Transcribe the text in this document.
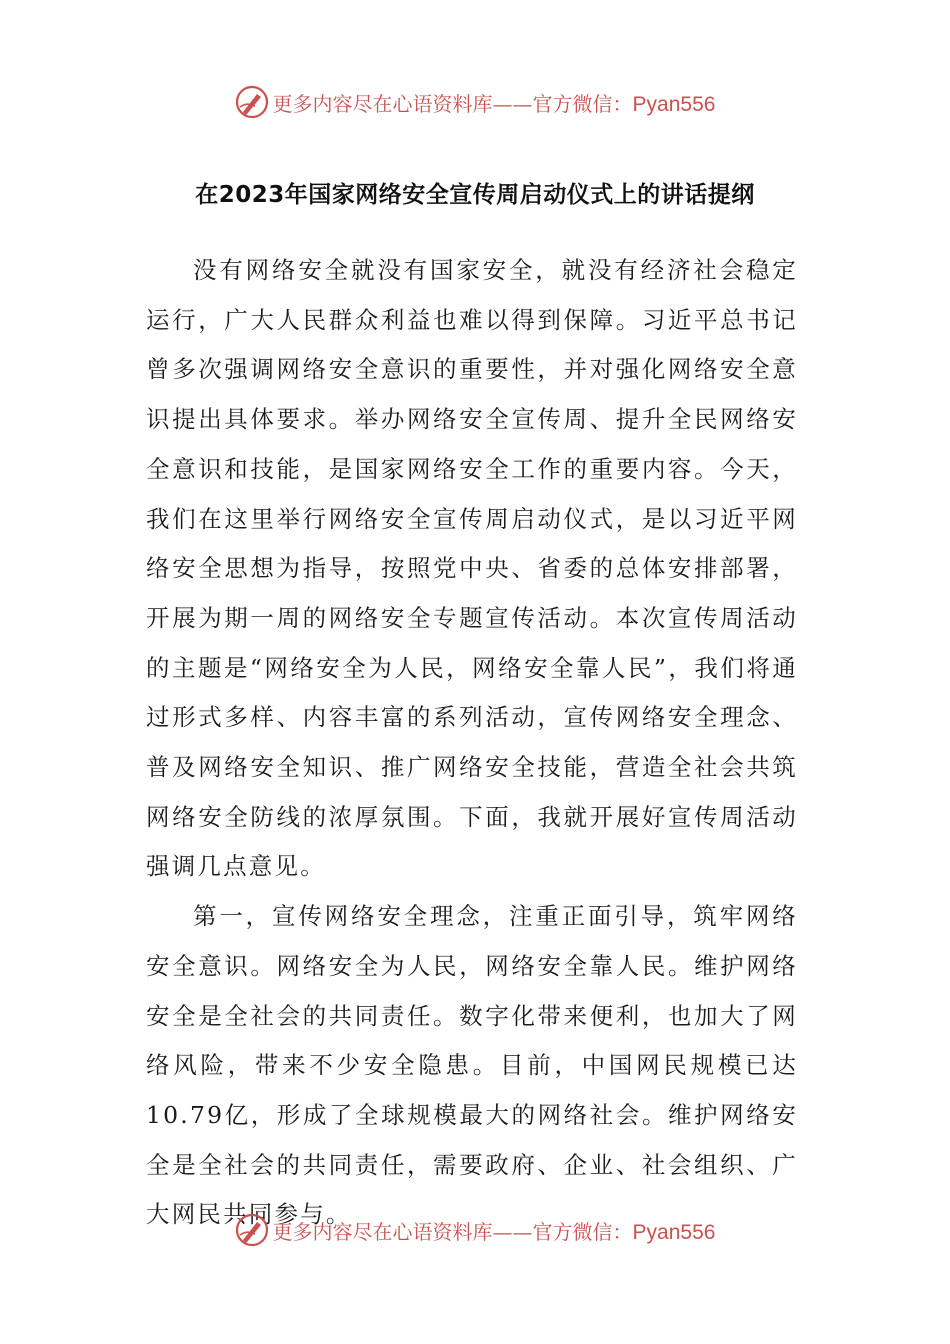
更多内容尽在心语资料库——官方微信：Pyan556
在2023年国家网络安全宣传周启动仪式上的讲话提纲

没有网络安全就没有国家安全，就没有经济社会稳定运行，广大人民群众利益也难以得到保障。习近平总书记曾多次强调网络安全意识的重要性，并对强化网络安全意识提出具体要求。举办网络安全宣传周、提升全民网络安全意识和技能，是国家网络安全工作的重要内容。今天，我们在这里举行网络安全宣传周启动仪式，是以习近平网络安全思想为指导，按照党中央、省委的总体安排部署，开展为期一周的网络安全专题宣传活动。本次宣传周活动的主题是“网络安全为人民，网络安全靠人民”，我们将通过形式多样、内容丰富的系列活动，宣传网络安全理念、普及网络安全知识、推广网络安全技能，营造全社会共筑网络安全防线的浓厚氛围。下面，我就开展好宣传周活动强调几点意见。

第一，宣传网络安全理念，注重正面引导，筑牢网络安全意识。网络安全为人民，网络安全靠人民。维护网络安全是全社会的共同责任。数字化带来便利，也加大了网络风险，带来不少安全隐患。目前，中国网民规模已达10.79亿，形成了全球规模最大的网络社会。维护网络安全是全社会的共同责任，需要政府、企业、社会组织、广大网民共同参与。

更多内容尽在心语资料库——官方微信：Pyan556
